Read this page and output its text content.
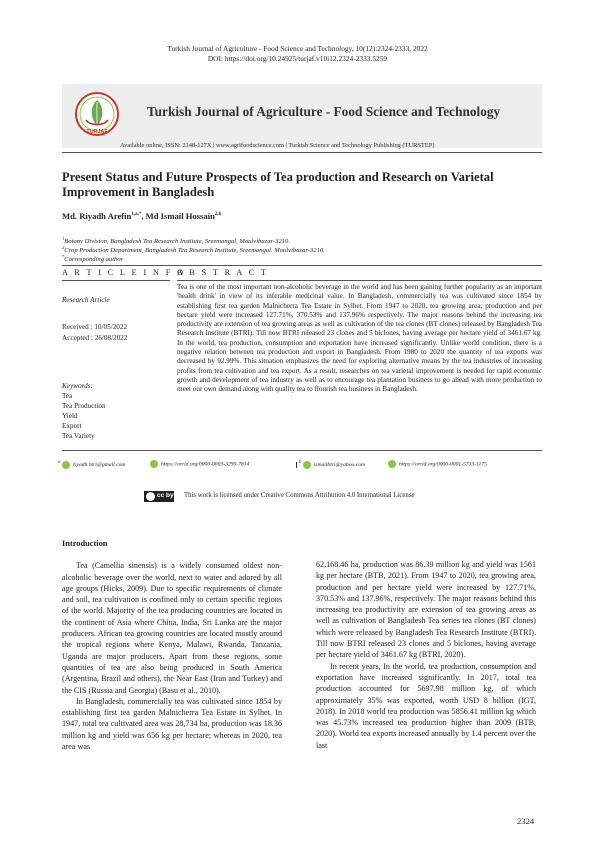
Turkish Journal of Agriculture - Food Science and Technology, 10(12):2324-2333, 2022
DOI: https://doi.org/10.24925/turjaf.v10i12.2324-2333.5259
TURJAF
Turkish Journal of Agriculture - Food Science and Technology
Available online, ISSN: 2148-127X | www.agrifoodscience.com | Turkish Science and Technology Publishing (TURSTEP)
Present Status and Future Prospects of Tea production and Research on Varietal Improvement in Bangladesh
Md. Riyadh Arefin$^{1,a,*}$, Md Ismail Hossain$^{2,b}$
$^1$Botany Division, Bangladesh Tea Research Institute, Sreemangal, Moulvibazar-3210.
$^2$Crop Production Department, Bangladesh Tea Research Institute, Sreemangal. Moulvibazar-3210.
*Corresponding author
A R T I C L E I N F O
A B S T R A C T
Research Article
Received : 10/05/2022
Accepted : 26/08/2022
Keywords:
Tea
Tea Production
Yield
Export
Tea Variety
Tea is one of the most important non-alcoholic beverage in the world and has been gaining further popularity as an important 'health drink' in view of its inferable medicinal value. In Bangladesh, commercially tea was cultivated since 1854 by establishing first tea garden Malnicherra Tea Estate in Sylhet. From 1947 to 2020, tea growing area, production and per hectare yield were increased 127.71%, 370.53% and 137.96% respectively. The major reasons behind the increasing tea productivity are extension of tea growing areas as well as cultivation of the tea clones (BT clones) released by Bangladesh Tea Research Institute (BTRI). Till now BTRI released 23 clones and 5 biclones, having average per hectare yield of 3461.67 kg. In the world, tea production, consumption and exportation have increased significantly. Unlike world condition, there is a negative relation between tea production and export in Bangladesh. From 1980 to 2020 the quantity of tea exports was decreased by 92.99%. This situation emphasizes the need for exploring alternative means by the tea industries of increasing profits from tea cultivation and tea export. As a result, researches on tea varietal improvement is needed for rapid economic growth and development of tea industry as well as to encourage tea plantation business to go ahead with more production to meet our own demand along with quality tea to flourish tea business in Bangladesh.
$^a$ riyadh.btri@gmail.com	https://orcid.org/0000-0003-3290-7814	$^b$ ismailbtri@yahoo.com	https://orcid.org/0000-0001-5733-1175
cc by This work is licensed under Creative Commons Attribution 4.0 International License

Introduction

Tea (Camellia sinensis) is a widely consumed oldest non-alcoholic beverage over the world, next to water and adored by all age groups (Hicks, 2009). Due to specific requirements of climate and soil, tea cultivation is confined only to certain specific regions of the world. Majority of the tea producing countries are located in the continent of Asia where China, India, Sri Lanka are the major producers. African tea growing countries are located mostly around the tropical regions where Kenya, Malawi, Rwanda, Tanzania, Uganda are major producers. Apart from these regions, some quantities of tea are also being produced in South America (Argentina, Brazil and others), the Near East (Iran and Turkey) and the CIS (Russia and Georgia) (Basu et al., 2010).

In Bangladesh, commercially tea was cultivated since 1854 by establishing first tea garden Malnicherra Tea Estate in Sylhet. In 1947, total tea cultivated area was 28,734 ha, production was 18.36 million kg and yield was 656 kg per hectare; whereas in 2020, tea area was

62,168.46 ha, production was 86.39 million kg and yield was 1561 kg per hectare (BTB, 2021). From 1947 to 2020, tea growing area, production and per hectare yield were increased by 127.71%, 370.53% and 137.96%, respectively. The major reasons behind this increasing tea productivity are extension of tea growing areas as well as cultivation of Bangladesh Tea series tea clones (BT clones) which were released by Bangladesh Tea Research Institute (BTRI). Till now BTRI released 23 clones and 5 biclones, having average per hectare yield of 3461.67 kg (BTRI, 2020).

In recent years, In the world, tea production, consumption and exportation have increased significantly. In 2017, total tea production accounted for 5697.98 million kg, of which approximately 35% was exported, worth USD 8 billion (IGT, 2018). In 2018 world tea production was 5856.41 million kg which was 45.73% increased tea production higher than 2009 (BTB, 2020). World tea exports increased annually by 1.4 percent over the last

2324
